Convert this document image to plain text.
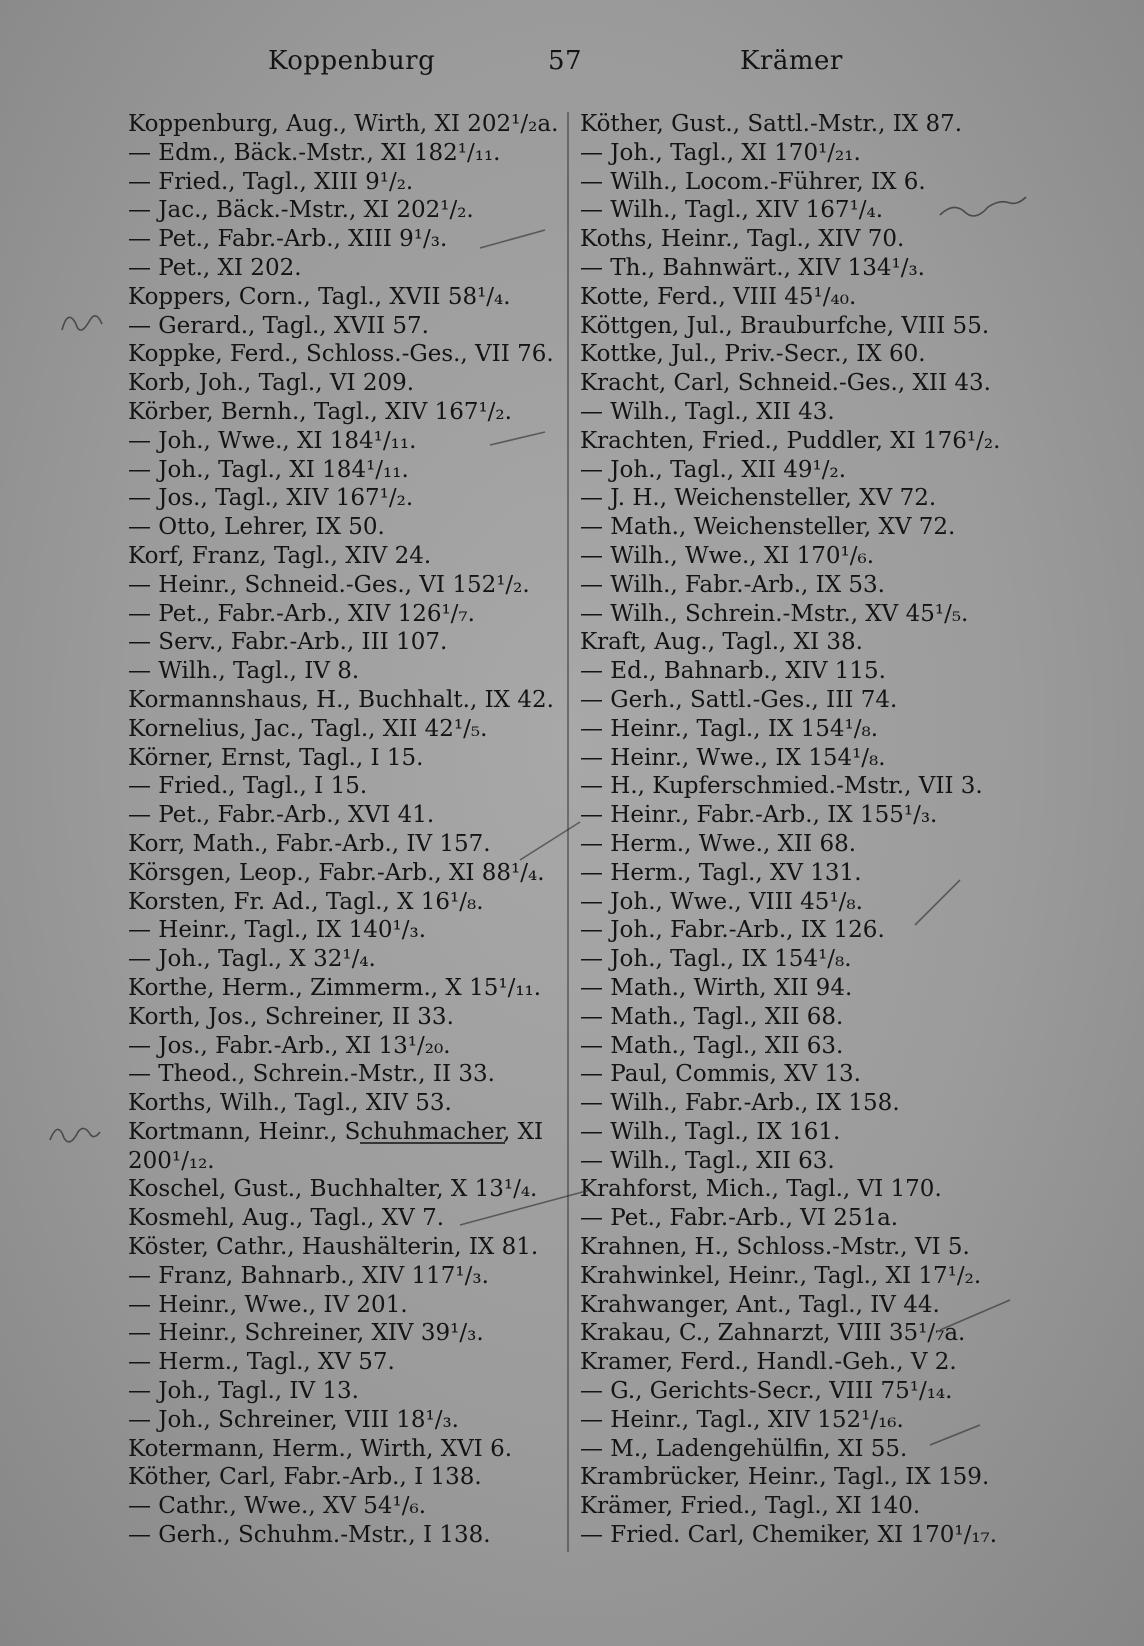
Koppenburg	57	Krämer
Koppenburg, Aug., Wirth, XI 202¹/₂a.
— Edm., Bäck.-Mstr., XI 182¹/₁₁.
— Fried., Tagl., XIII 9¹/₂.
— Jac., Bäck.-Mstr., XI 202¹/₂.
— Pet., Fabr.-Arb., XIII 9¹/₃.
— Pet., XI 202.
Koppers, Corn., Tagl., XVII 58¹/₄.
— Gerard., Tagl., XVII 57.
Koppke, Ferd., Schloss.-Ges., VII 76.
Korb, Joh., Tagl., VI 209.
Körber, Bernh., Tagl., XIV 167¹/₂.
— Joh., Wwe., XI 184¹/₁₁.
— Joh., Tagl., XI 184¹/₁₁.
— Jos., Tagl., XIV 167¹/₂.
— Otto, Lehrer, IX 50.
Korf, Franz, Tagl., XIV 24.
— Heinr., Schneid.-Ges., VI 152¹/₂.
— Pet., Fabr.-Arb., XIV 126¹/₇.
— Serv., Fabr.-Arb., III 107.
— Wilh., Tagl., IV 8.
Kormannshaus, H., Buchhalt., IX 42.
Kornelius, Jac., Tagl., XII 42¹/₅.
Körner, Ernst, Tagl., I 15.
— Fried., Tagl., I 15.
— Pet., Fabr.-Arb., XVI 41.
Korr, Math., Fabr.-Arb., IV 157.
Körsgen, Leop., Fabr.-Arb., XI 88¹/₄.
Korsten, Fr. Ad., Tagl., X 16¹/₈.
— Heinr., Tagl., IX 140¹/₃.
— Joh., Tagl., X 32¹/₄.
Korthe, Herm., Zimmerm., X 15¹/₁₁.
Korth, Jos., Schreiner, II 33.
— Jos., Fabr.-Arb., XI 13¹/₂₀.
— Theod., Schrein.-Mstr., II 33.
Korths, Wilh., Tagl., XIV 53.
Kortmann, Heinr., Schuhmacher, XI
200¹/₁₂.
Koschel, Gust., Buchhalter, X 13¹/₄.
Kosmehl, Aug., Tagl., XV 7.
Köster, Cathr., Haushälterin, IX 81.
— Franz, Bahnarb., XIV 117¹/₃.
— Heinr., Wwe., IV 201.
— Heinr., Schreiner, XIV 39¹/₃.
— Herm., Tagl., XV 57.
— Joh., Tagl., IV 13.
— Joh., Schreiner, VIII 18¹/₃.
Kotermann, Herm., Wirth, XVI 6.
Köther, Carl, Fabr.-Arb., I 138.
— Cathr., Wwe., XV 54¹/₆.
— Gerh., Schuhm.-Mstr., I 138.
Köther, Gust., Sattl.-Mstr., IX 87.
— Joh., Tagl., XI 170¹/₂₁.
— Wilh., Locom.-Führer, IX 6.
— Wilh., Tagl., XIV 167¹/₄.
Koths, Heinr., Tagl., XIV 70.
— Th., Bahnwärt., XIV 134¹/₃.
Kotte, Ferd., VIII 45¹/₄₀.
Köttgen, Jul., Brauburfche, VIII 55.
Kottke, Jul., Priv.-Secr., IX 60.
Kracht, Carl, Schneid.-Ges., XII 43.
— Wilh., Tagl., XII 43.
Krachten, Fried., Puddler, XI 176¹/₂.
— Joh., Tagl., XII 49¹/₂.
— J. H., Weichensteller, XV 72.
— Math., Weichensteller, XV 72.
— Wilh., Wwe., XI 170¹/₆.
— Wilh., Fabr.-Arb., IX 53.
— Wilh., Schrein.-Mstr., XV 45¹/₅.
Kraft, Aug., Tagl., XI 38.
— Ed., Bahnarb., XIV 115.
— Gerh., Sattl.-Ges., III 74.
— Heinr., Tagl., IX 154¹/₈.
— Heinr., Wwe., IX 154¹/₈.
— H., Kupferschmied.-Mstr., VII 3.
— Heinr., Fabr.-Arb., IX 155¹/₃.
— Herm., Wwe., XII 68.
— Herm., Tagl., XV 131.
— Joh., Wwe., VIII 45¹/₈.
— Joh., Fabr.-Arb., IX 126.
— Joh., Tagl., IX 154¹/₈.
— Math., Wirth, XII 94.
— Math., Tagl., XII 68.
— Math., Tagl., XII 63.
— Paul, Commis, XV 13.
— Wilh., Fabr.-Arb., IX 158.
— Wilh., Tagl., IX 161.
— Wilh., Tagl., XII 63.
Krahforst, Mich., Tagl., VI 170.
— Pet., Fabr.-Arb., VI 251a.
Krahnen, H., Schloss.-Mstr., VI 5.
Krahwinkel, Heinr., Tagl., XI 17¹/₂.
Krahwanger, Ant., Tagl., IV 44.
Krakau, C., Zahnarzt, VIII 35¹/₇a.
Kramer, Ferd., Handl.-Geh., V 2.
— G., Gerichts-Secr., VIII 75¹/₁₄.
— Heinr., Tagl., XIV 152¹/₁₆.
— M., Ladengehülfin, XI 55.
Krambrücker, Heinr., Tagl., IX 159.
Krämer, Fried., Tagl., XI 140.
— Fried. Carl, Chemiker, XI 170¹/₁₇.
